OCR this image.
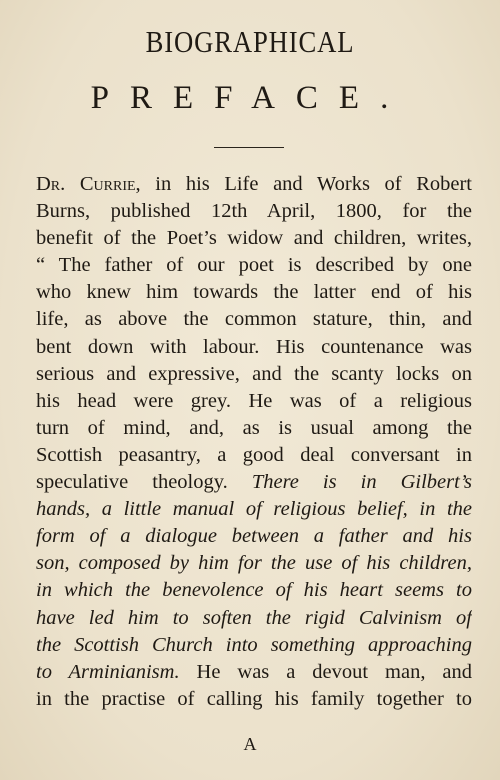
BIOGRAPHICAL
PREFACE.
Dr. Currie, in his Life and Works of Robert
Burns, published 12th April, 1800, for the
benefit of the Poet’s widow and children, writes,
“ The father of our poet is described by one
who knew him towards the latter end of his
life, as above the common stature, thin, and
bent down with labour. His countenance was
serious and expressive, and the scanty locks on
his head were grey. He was of a religious
turn of mind, and, as is usual among the
Scottish peasantry, a good deal conversant in
speculative theology. There is in Gilbert’s
hands, a little manual of religious belief, in the
form of a dialogue between a father and his
son, composed by him for the use of his children,
in which the benevolence of his heart seems to
have led him to soften the rigid Calvinism of
the Scottish Church into something approaching
to Arminianism. He was a devout man, and
in the practise of calling his family together to
A
